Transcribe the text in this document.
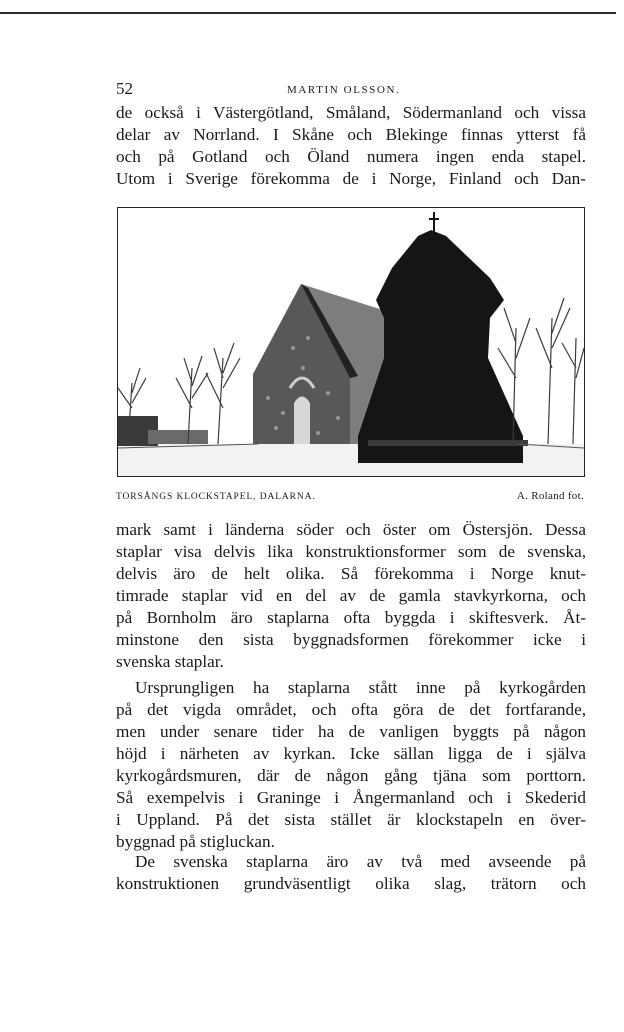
52	MARTIN OLSSON.
de också i Västergötland, Småland, Södermanland och vissa
delar av Norrland. I Skåne och Blekinge finnas ytterst få
och på Gotland och Öland numera ingen enda stapel.
Utom i Sverige förekomma de i Norge, Finland och Dan-
TORSÅNGS KLOCKSTAPEL, DALARNA.	A. Roland fot.
mark samt i länderna söder och öster om Östersjön. Dessa
staplar visa delvis lika konstruktionsformer som de svenska,
delvis äro de helt olika. Så förekomma i Norge knut-
timrade staplar vid en del av de gamla stavkyrkorna, och
på Bornholm äro staplarna ofta byggda i skiftesverk. Åt-
minstone den sista byggnadsformen förekommer icke i
svenska staplar.
Ursprungligen ha staplarna stått inne på kyrkogården
på det vigda området, och ofta göra de det fortfarande,
men under senare tider ha de vanligen byggts på någon
höjd i närheten av kyrkan. Icke sällan ligga de i själva
kyrkogårdsmuren, där de någon gång tjäna som porttorn.
Så exempelvis i Graninge i Ångermanland och i Skederid
i Uppland. På det sista stället är klockstapeln en över-
byggnad på stigluckan.
De svenska staplarna äro av två med avseende på
konstruktionen grundväsentligt olika slag, trätorn och
